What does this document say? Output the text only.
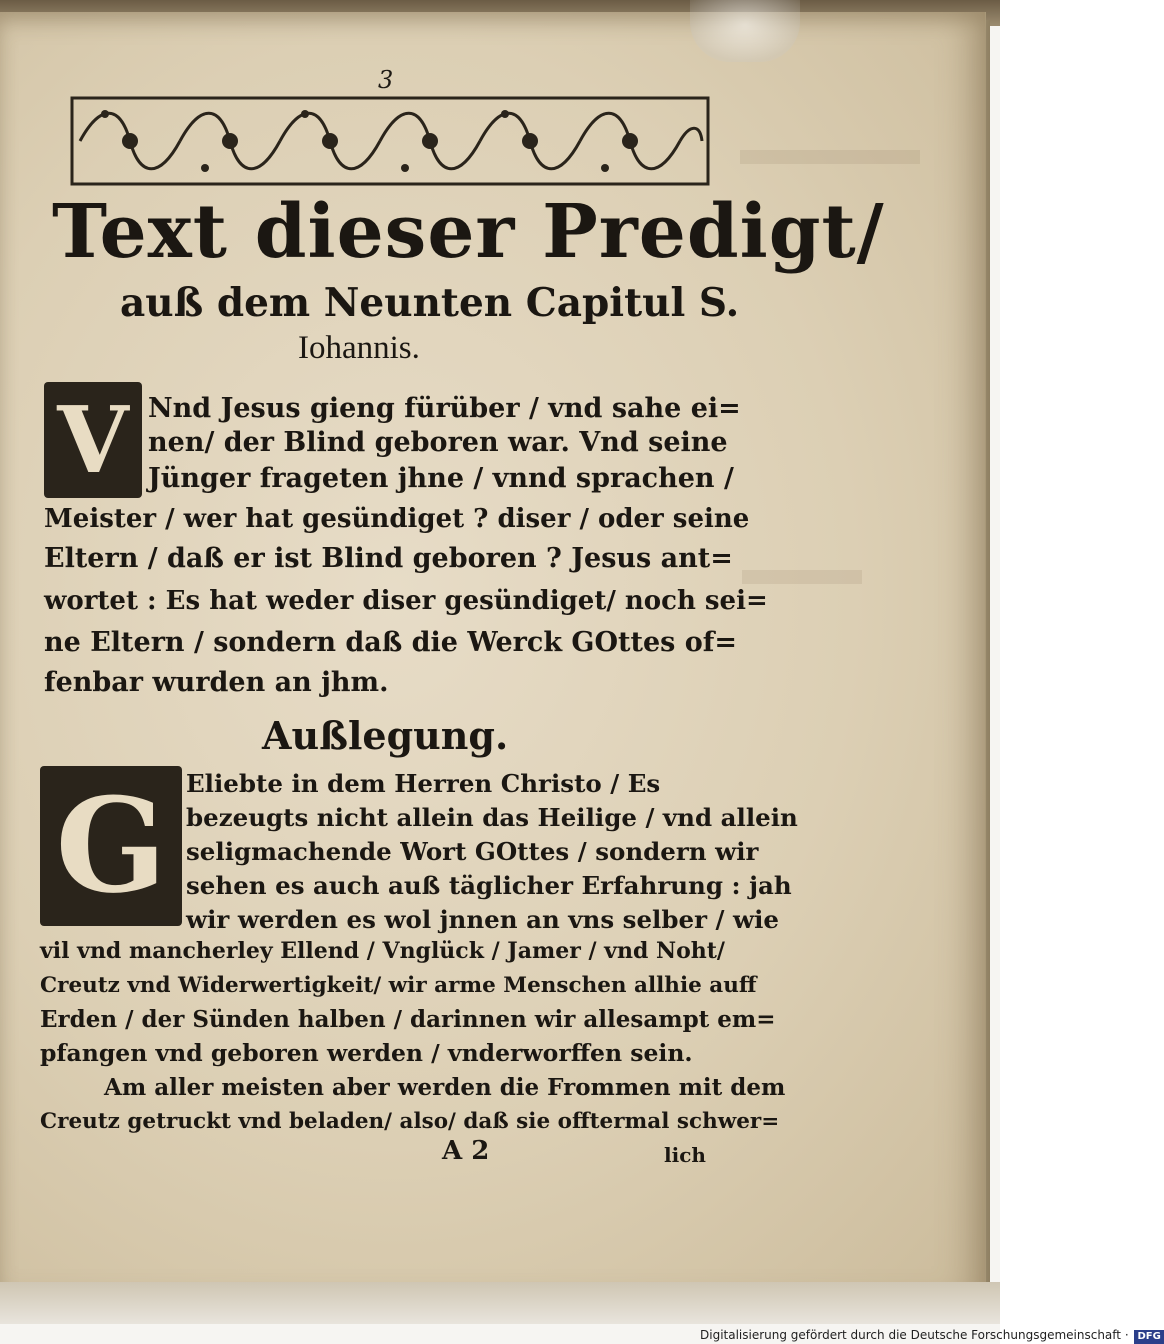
3
Text dieser Predigt/
auß dem Neunten Capitul S.
Iohannis.
V Nnd Jesus gieng fürüber / vnd sahe ei=
nen/ der Blind geboren war. Vnd seine
Jünger frageten jhne / vnnd sprachen /
Meister / wer hat gesündiget ? diser / oder seine
Eltern / daß er ist Blind geboren ? Jesus ant=
wortet : Es hat weder diser gesündiget/ noch sei=
ne Eltern / sondern daß die Werck GOttes of=
fenbar wurden an jhm.
Außlegung.
G Eliebte in dem Herren Christo / Es
bezeugts nicht allein das Heilige / vnd allein
seligmachende Wort GOttes / sondern wir
sehen es auch auß täglicher Erfahrung : jah
wir werden es wol jnnen an vns selber / wie
vil vnd mancherley Ellend / Vnglück / Jamer / vnd Noht/
Creutz vnd Widerwertigkeit/ wir arme Menschen allhie auff
Erden / der Sünden halben / darinnen wir allesampt em=
pfangen vnd geboren werden / vnderworffen sein.
Am aller meisten aber werden die Frommen mit dem
Creutz getruckt vnd beladen/ also/ daß sie offtermal schwer=
lich
A 2
Digitalisierung gefördert durch die Deutsche Forschungsgemeinschaft · DFG
